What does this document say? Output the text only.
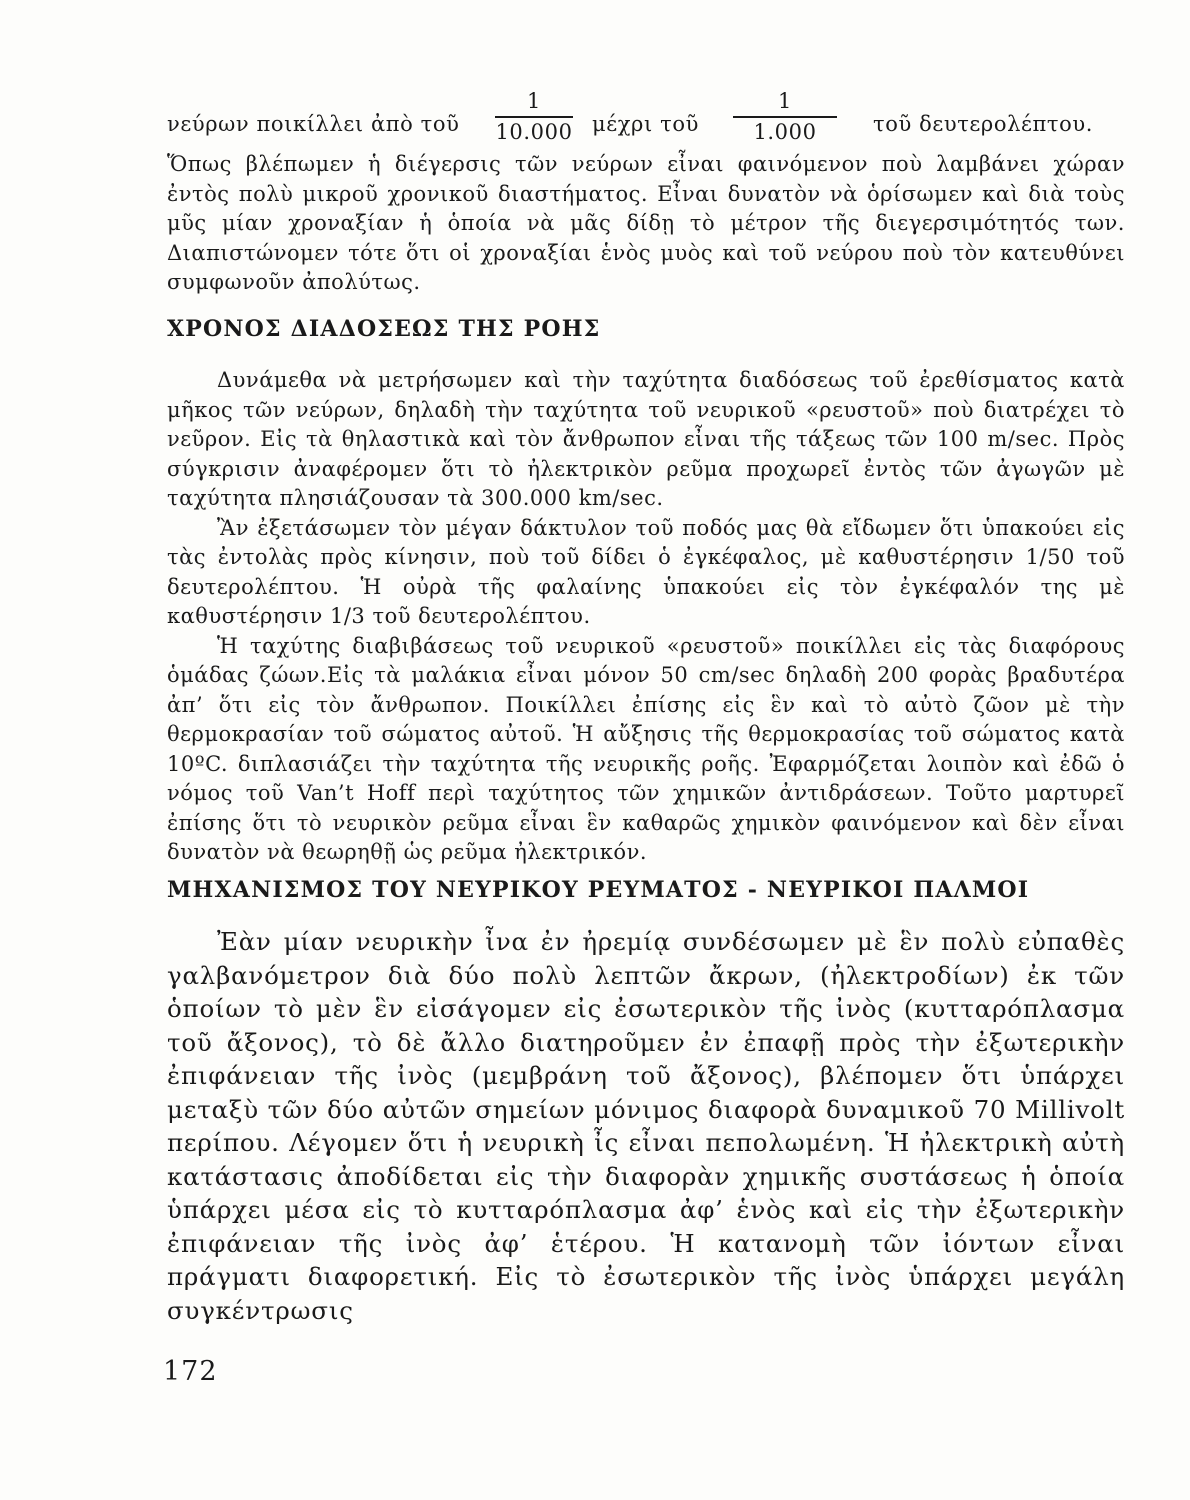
νεύρων ποικίλλει ἀπὸ τοῦ
1
10.000 μέχρι τοῦ
1
1.000	τοῦ δευτερολέπτου.

Ὅπως βλέπωμεν ἡ διέγερσις τῶν νεύρων εἶναι φαινόμενον ποὺ λαμβάνει χώραν ἐντὸς πολὺ μικροῦ χρονικοῦ διαστήματος. Εἶναι δυνατὸν νὰ ὁρίσωμεν καὶ διὰ τοὺς μῦς μίαν χροναξίαν ἡ ὁποία νὰ μᾶς δίδῃ τὸ μέτρον τῆς διεγερσιμότητός των. Διαπιστώνομεν τότε ὅτι οἱ χροναξίαι ἑνὸς μυὸς καὶ τοῦ νεύρου ποὺ τὸν κατευθύνει συμφωνοῦν ἀπολύτως.

ΧΡΟΝΟΣ ΔΙΑΔΟΣΕΩΣ ΤΗΣ ΡΟΗΣ

Δυνάμεθα νὰ μετρήσωμεν καὶ τὴν ταχύτητα διαδόσεως τοῦ ἐρεθίσματος κατὰ μῆκος τῶν νεύρων, δηλαδὴ τὴν ταχύτητα τοῦ νευρικοῦ «ρευστοῦ» ποὺ διατρέχει τὸ νεῦρον. Εἰς τὰ θηλαστικὰ καὶ τὸν ἄνθρωπον εἶναι τῆς τάξεως τῶν 100 m/sec. Πρὸς σύγκρισιν ἀναφέρομεν ὅτι τὸ ἠλεκτρικὸν ρεῦμα προχωρεῖ ἐντὸς τῶν ἀγωγῶν μὲ ταχύτητα πλησιάζουσαν τὰ 300.000 km/sec.

Ἂν ἐξετάσωμεν τὸν μέγαν δάκτυλον τοῦ ποδός μας θὰ εἴδωμεν ὅτι ὑπακούει εἰς τὰς ἐντολὰς πρὸς κίνησιν, ποὺ τοῦ δίδει ὁ ἐγκέφαλος, μὲ καθυστέρησιν 1/50 τοῦ δευτερολέπτου. Ἡ οὐρὰ τῆς φαλαίνης ὑπακούει εἰς τὸν ἐγκέφαλόν της μὲ καθυστέρησιν 1/3 τοῦ δευτερολέπτου.

Ἡ ταχύτης διαβιβάσεως τοῦ νευρικοῦ «ρευστοῦ» ποικίλλει εἰς τὰς διαφόρους ὁμάδας ζώων.Εἰς τὰ μαλάκια εἶναι μόνον 50 cm/sec δηλαδὴ 200 φορὰς βραδυτέρα ἀπ’ ὅτι εἰς τὸν ἄνθρωπον. Ποικίλλει ἐπίσης εἰς ἓν καὶ τὸ αὐτὸ ζῶον μὲ τὴν θερμοκρασίαν τοῦ σώματος αὐτοῦ. Ἡ αὔξησις τῆς θερμοκρασίας τοῦ σώματος κατὰ 10ºC. διπλασιάζει τὴν ταχύτητα τῆς νευρικῆς ροῆς. Ἐφαρμόζεται λοιπὸν καὶ ἐδῶ ὁ νόμος τοῦ Van’t Hoff περὶ ταχύτητος τῶν χημικῶν ἀντιδράσεων. Τοῦτο μαρτυρεῖ ἐπίσης ὅτι τὸ νευρικὸν ρεῦμα εἶναι ἓν καθαρῶς χημικὸν φαινόμενον καὶ δὲν εἶναι δυνατὸν νὰ θεωρηθῇ ὡς ρεῦμα ἠλεκτρικόν.

ΜΗΧΑΝΙΣΜΟΣ ΤΟΥ ΝΕΥΡΙΚΟΥ ΡΕΥΜΑΤΟΣ - ΝΕΥΡΙΚΟΙ ΠΑΛΜΟΙ

Ἐὰν μίαν νευρικὴν ἶνα ἐν ἠρεμίᾳ συνδέσωμεν μὲ ἓν πολὺ εὐπαθὲς γαλβανόμετρον διὰ δύο πολὺ λεπτῶν ἄκρων, (ἠλεκτροδίων) ἐκ τῶν ὁποίων τὸ μὲν ἓν εἰσάγομεν εἰς ἐσωτερικὸν τῆς ἰνὸς (κυτταρόπλασμα τοῦ ἄξονος), τὸ δὲ ἄλλο διατηροῦμεν ἐν ἐπαφῇ πρὸς τὴν ἐξωτερικὴν ἐπιφάνειαν τῆς ἰνὸς (μεμβράνη τοῦ ἄξονος), βλέπομεν ὅτι ὑπάρχει μεταξὺ τῶν δύο αὐτῶν σημείων μόνιμος διαφορὰ δυναμικοῦ 70 Millivolt περίπου. Λέγομεν ὅτι ἡ νευρικὴ ἶς εἶναι πεπολωμένη. Ἡ ἠλεκτρικὴ αὐτὴ κατάστασις ἀποδίδεται εἰς τὴν διαφορὰν χημικῆς συστάσεως ἡ ὁποία ὑπάρχει μέσα εἰς τὸ κυτταρόπλασμα ἀφ’ ἑνὸς καὶ εἰς τὴν ἐξωτερικὴν ἐπιφάνειαν τῆς ἰνὸς ἀφ’ ἑτέρου. Ἡ κατανομὴ τῶν ἰόντων εἶναι πράγματι διαφορετική. Εἰς τὸ ἐσωτερικὸν τῆς ἰνὸς ὑπάρχει μεγάλη συγκέντρωσις

172
